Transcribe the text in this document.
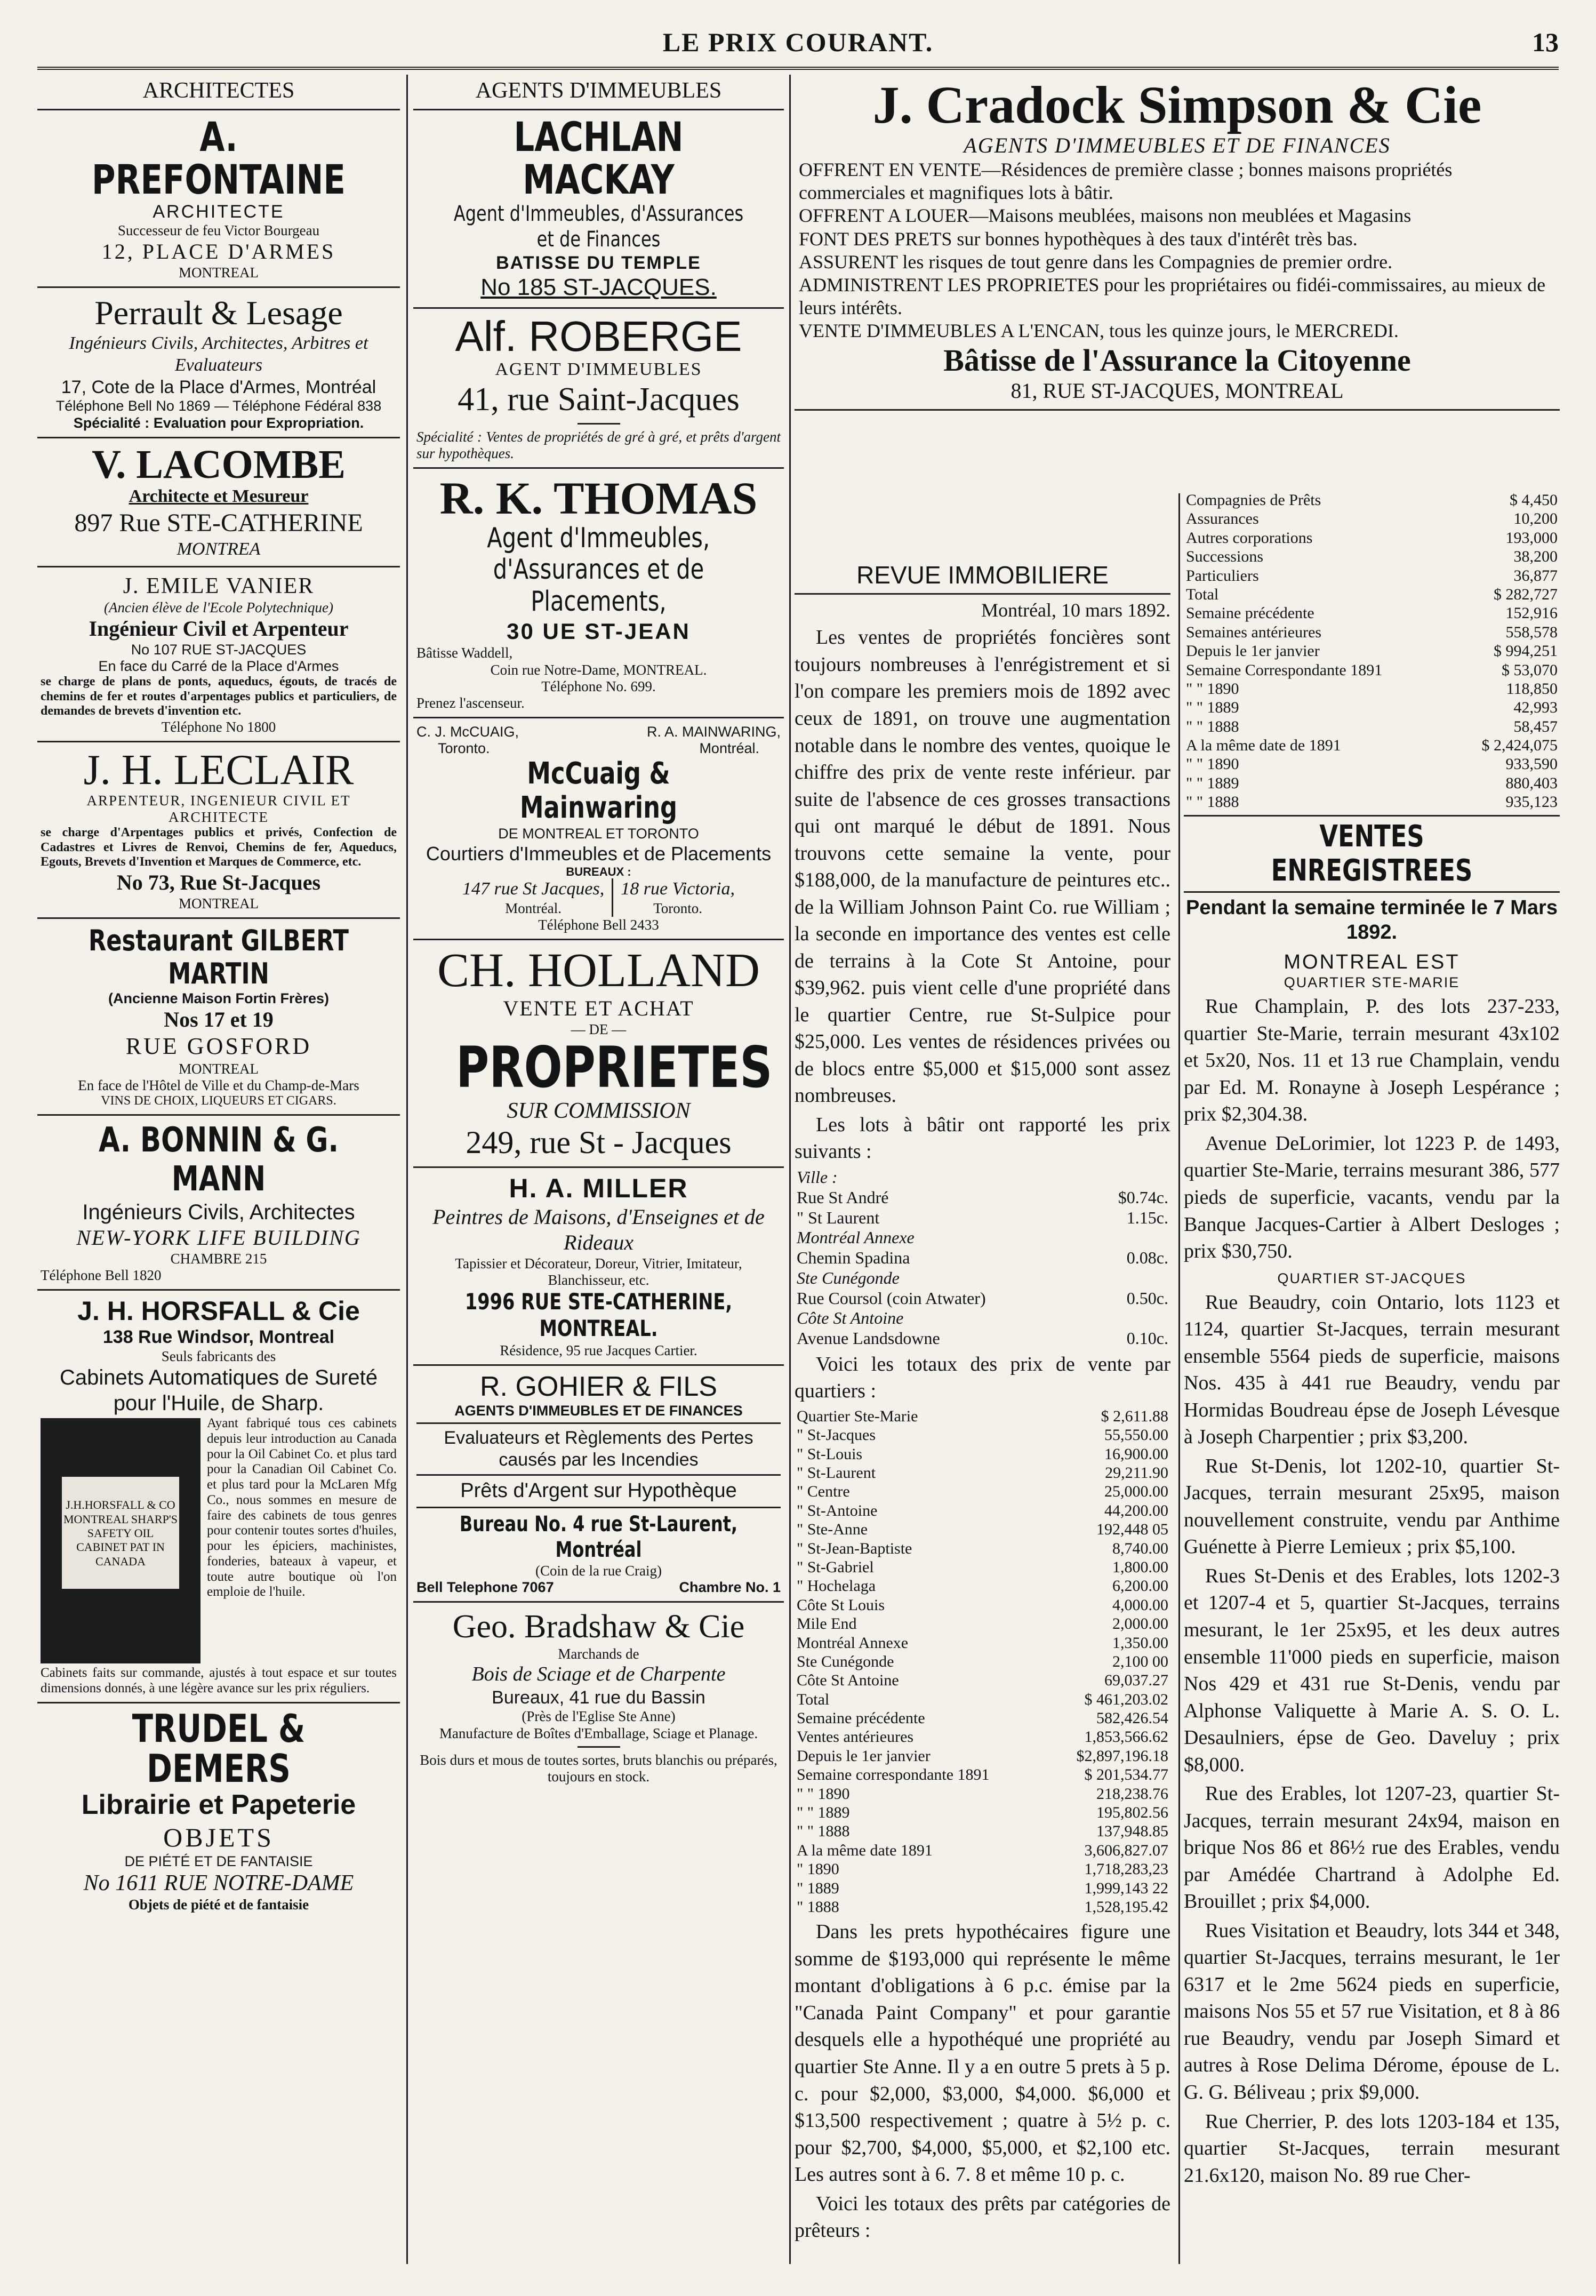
LE PRIX COURANT.	13
ARCHITECTES
A. PREFONTAINE
ARCHITECTE
Successeur de feu Victor Bourgeau
12, PLACE D'ARMES
MONTREAL
Perrault & Lesage
Ingénieurs Civils, Architectes, Arbitres et Evaluateurs
17, Cote de la Place d'Armes, Montréal
Téléphone Bell No 1869 — Téléphone Fédéral 838
Spécialité : Evaluation pour Expropriation.
V. LACOMBE
Architecte et Mesureur
897 Rue STE-CATHERINE
MONTREA
J. EMILE VANIER
(Ancien élève de l'Ecole Polytechnique)
Ingénieur Civil et Arpenteur
No 107 RUE ST-JACQUES
En face du Carré de la Place d'Armes
se charge de plans de ponts, aqueducs, égouts, de tracés de chemins de fer et routes d'arpentages publics et particuliers, de demandes de brevets d'invention etc.
Téléphone No 1800
J. H. LECLAIR
ARPENTEUR, INGENIEUR CIVIL ET ARCHITECTE
se charge d'Arpentages publics et privés, Confection de Cadastres et Livres de Renvoi, Chemins de fer, Aqueducs, Egouts, Brevets d'Invention et Marques de Commerce, etc.
No 73, Rue St-Jacques
MONTREAL
Restaurant GILBERT MARTIN
(Ancienne Maison Fortin Frères)
Nos 17 et 19
RUE GOSFORD
MONTREAL
En face de l'Hôtel de Ville et du Champ-de-Mars
VINS DE CHOIX, LIQUEURS ET CIGARS.
A. BONNIN & G. MANN
Ingénieurs Civils, Architectes
NEW-YORK LIFE BUILDING
CHAMBRE 215
Téléphone Bell 1820
J. H. HORSFALL & Cie
138 Rue Windsor, Montreal
Seuls fabricants des
Cabinets Automatiques de Sureté pour l'Huile, de Sharp.
J.H.HORSFALL & CO MONTREAL SHARP'S SAFETY OIL CABINET PAT IN CANADA
Ayant fabriqué tous ces cabinets depuis leur introduction au Canada pour la Oil Cabinet Co. et plus tard pour la Canadian Oil Cabinet Co. et plus tard pour la McLaren Mfg Co., nous sommes en mesure de faire des cabinets de tous genres pour contenir toutes sortes d'huiles, pour les épiciers, machinistes, fonderies, bateaux à vapeur, et toute autre boutique où l'on emploie de l'huile.
Cabinets faits sur commande, ajustés à tout espace et sur toutes dimensions donnés, à une légère avance sur les prix réguliers.
TRUDEL & DEMERS
Librairie et Papeterie
OBJETS
DE PIÉTÉ ET DE FANTAISIE
No 1611 RUE NOTRE-DAME
Objets de piété et de fantaisie
AGENTS D'IMMEUBLES
LACHLAN MACKAY Agent d'Immeubles, d'Assurances et de Finances
BATISSE DU TEMPLE
No 185 ST-JACQUES.
Alf. ROBERGE
AGENT D'IMMEUBLES
41, rue Saint-Jacques
Spécialité : Ventes de propriétés de gré à gré, et prêts d'argent sur hypothèques.
R. K. THOMAS
Agent d'Immeubles, d'Assurances et de Placements,
30 UE ST-JEAN
Bâtisse Waddell,
Coin rue Notre-Dame, MONTREAL.
Téléphone No. 699.
Prenez l'ascenseur.
C. J. McCUAIG,	R. A. MAINWARING,
Toronto.	Montréal.
McCuaig & Mainwaring
DE MONTREAL ET TORONTO
Courtiers d'Immeubles et de Placements
BUREAUX :
147 rue St Jacques,
Montréal.
18 rue Victoria,
Toronto.
Téléphone Bell 2433
CH. HOLLAND
VENTE ET ACHAT
— DE —
PROPRIETES
SUR COMMISSION
249, rue St - Jacques
H. A. MILLER
Peintres de Maisons, d'Enseignes et de Rideaux
Tapissier et Décorateur, Doreur, Vitrier, Imitateur, Blanchisseur, etc.
1996 RUE STE-CATHERINE, MONTREAL.
Résidence, 95 rue Jacques Cartier.
R. GOHIER & FILS
AGENTS D'IMMEUBLES ET DE FINANCES
Evaluateurs et Règlements des Pertes causés par les Incendies
Prêts d'Argent sur Hypothèque
Bureau No. 4 rue St-Laurent, Montréal
(Coin de la rue Craig)
Bell Telephone 7067	Chambre No. 1
Geo. Bradshaw & Cie
Marchands de
Bois de Sciage et de Charpente
Bureaux, 41 rue du Bassin
(Près de l'Eglise Ste Anne)
Manufacture de Boîtes d'Emballage, Sciage et Planage.
Bois durs et mous de toutes sortes, bruts blanchis ou préparés, toujours en stock.
J. Cradock Simpson & Cie
AGENTS D'IMMEUBLES ET DE FINANCES
OFFRENT EN VENTE—Résidences de première classe ; bonnes maisons propriétés commerciales et magnifiques lots à bâtir.
OFFRENT A LOUER—Maisons meublées, maisons non meublées et Magasins
FONT DES PRETS sur bonnes hypothèques à des taux d'intérêt très bas.
ASSURENT les risques de tout genre dans les Compagnies de premier ordre.
ADMINISTRENT LES PROPRIETES pour les propriétaires ou fidéi-commissaires, au mieux de leurs intérêts.
VENTE D'IMMEUBLES A L'ENCAN, tous les quinze jours, le MERCREDI.
Bâtisse de l'Assurance la Citoyenne
81, RUE ST-JACQUES, MONTREAL
REVUE IMMOBILIERE
Montréal, 10 mars 1892.
Les ventes de propriétés foncières sont toujours nombreuses à l'enrégistrement et si l'on compare les premiers mois de 1892 avec ceux de 1891, on trouve une augmentation notable dans le nombre des ventes, quoique le chiffre des prix de vente reste inférieur. par suite de l'absence de ces grosses transactions qui ont marqué le début de 1891. Nous trouvons cette semaine la vente, pour $188,000, de la manufacture de peintures etc.. de la William Johnson Paint Co. rue William ; la seconde en importance des ventes est celle de terrains à la Cote St Antoine, pour $39,962. puis vient celle d'une propriété dans le quartier Centre, rue St-Sulpice pour $25,000. Les ventes de résidences privées ou de blocs entre $5,000 et $15,000 sont assez nombreuses.
Les lots à bâtir ont rapporté les prix suivants :
Ville :	
Rue St André	$0.74c.
" St Laurent	1.15c.
Montréal Annexe	
Chemin Spadina	0.08c.
Ste Cunégonde	
Rue Coursol (coin Atwater)	0.50c.
Côte St Antoine	
Avenue Landsdowne	0.10c.
Voici les totaux des prix de vente par quartiers :
Quartier Ste-Marie	$ 2,611.88
" St-Jacques	55,550.00
" St-Louis	16,900.00
" St-Laurent	29,211.90
" Centre	25,000.00
" St-Antoine	44,200.00
" Ste-Anne	192,448 05
" St-Jean-Baptiste	8,740.00
" St-Gabriel	1,800.00
" Hochelaga	6,200.00
Côte St Louis	4,000.00
Mile End	2,000.00
Montréal Annexe	1,350.00
Ste Cunégonde	2,100 00
Côte St Antoine	69,037.27
Total	$ 461,203.02
Semaine précédente	582,426.54
Ventes antérieures	1,853,566.62
Depuis le 1er janvier	$2,897,196.18
Semaine correspondante 1891	$ 201,534.77
" " 1890	218,238.76
" " 1889	195,802.56
" " 1888	137,948.85
A la même date 1891	3,606,827.07
" 1890	1,718,283,23
" 1889	1,999,143 22
" 1888	1,528,195.42
Dans les prets hypothécaires figure une somme de $193,000 qui représente le même montant d'obligations à 6 p.c. émise par la "Canada Paint Company" et pour garantie desquels elle a hypothéqué une propriété au quartier Ste Anne. Il y a en outre 5 prets à 5 p. c. pour $2,000, $3,000, $4,000. $6,000 et $13,500 respectivement ; quatre à 5½ p. c. pour $2,700, $4,000, $5,000, et $2,100 etc. Les autres sont à 6. 7. 8 et même 10 p. c.
Voici les totaux des prêts par catégories de prêteurs :
Compagnies de Prêts	$ 4,450
Assurances	10,200
Autres corporations	193,000
Successions	38,200
Particuliers	36,877
Total	$ 282,727
Semaine précédente	152,916
Semaines antérieures	558,578
Depuis le 1er janvier	$ 994,251
Semaine Correspondante 1891	$ 53,070
" " 1890	118,850
" " 1889	42,993
" " 1888	58,457
A la même date de 1891	$ 2,424,075
" " 1890	933,590
" " 1889	880,403
" " 1888	935,123
VENTES ENREGISTREES
Pendant la semaine terminée le 7 Mars 1892.
MONTREAL EST
QUARTIER STE-MARIE
Rue Champlain, P. des lots 237-233, quartier Ste-Marie, terrain mesurant 43x102 et 5x20, Nos. 11 et 13 rue Champlain, vendu par Ed. M. Ronayne à Joseph Lespérance ; prix $2,304.38.
Avenue DeLorimier, lot 1223 P. de 1493, quartier Ste-Marie, terrains mesurant 386, 577 pieds de superficie, vacants, vendu par la Banque Jacques-Cartier à Albert Desloges ; prix $30,750.
QUARTIER ST-JACQUES
Rue Beaudry, coin Ontario, lots 1123 et 1124, quartier St-Jacques, terrain mesurant ensemble 5564 pieds de superficie, maisons Nos. 435 à 441 rue Beaudry, vendu par Hormidas Boudreau épse de Joseph Lévesque à Joseph Charpentier ; prix $3,200.
Rue St-Denis, lot 1202-10, quartier St-Jacques, terrain mesurant 25x95, maison nouvellement construite, vendu par Anthime Guénette à Pierre Lemieux ; prix $5,100.
Rues St-Denis et des Erables, lots 1202-3 et 1207-4 et 5, quartier St-Jacques, terrains mesurant, le 1er 25x95, et les deux autres ensemble 11'000 pieds en superficie, maison Nos 429 et 431 rue St-Denis, vendu par Alphonse Valiquette à Marie A. S. O. L. Desaulniers, épse de Geo. Daveluy ; prix $8,000.
Rue des Erables, lot 1207-23, quartier St-Jacques, terrain mesurant 24x94, maison en brique Nos 86 et 86½ rue des Erables, vendu par Amédée Chartrand à Adolphe Ed. Brouillet ; prix $4,000.
Rues Visitation et Beaudry, lots 344 et 348, quartier St-Jacques, terrains mesurant, le 1er 6317 et le 2me 5624 pieds en superficie, maisons Nos 55 et 57 rue Visitation, et 8 à 86 rue Beaudry, vendu par Joseph Simard et autres à Rose Delima Dérome, épouse de L. G. G. Béliveau ; prix $9,000.
Rue Cherrier, P. des lots 1203-184 et 135, quartier St-Jacques, terrain mesurant 21.6x120, maison No. 89 rue Cher-
